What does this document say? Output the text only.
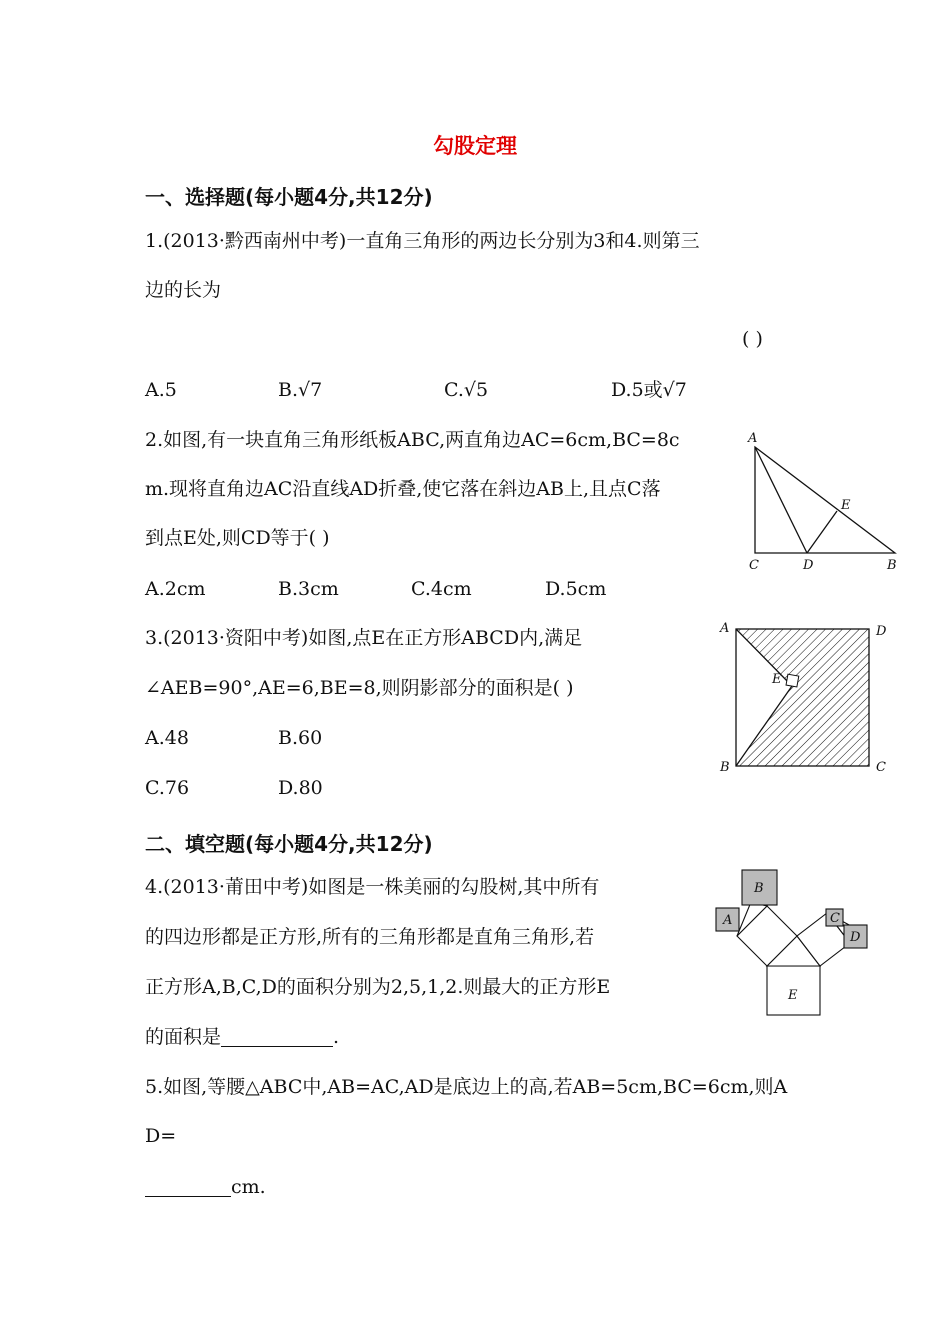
勾股定理
一、选择题(每小题4分,共12分)
1.(2013·黔西南州中考)一直角三角形的两边长分别为3和4.则第三
边的长为
( )
A.5	B.√7	C.√5	D.5或√7
2.如图,有一块直角三角形纸板ABC,两直角边AC=6cm,BC=8c
m.现将直角边AC沿直线AD折叠,使它落在斜边AB上,且点C落
到点E处,则CD等于( )
A.2cm	B.3cm	C.4cm	D.5cm
A
C	D	B
E
3.(2013·资阳中考)如图,点E在正方形ABCD内,满足
∠AEB=90°,AE=6,BE=8,则阴影部分的面积是( )
A.48	B.60
C.76	D.80
A	D
E
B	C
二、填空题(每小题4分,共12分)
4.(2013·莆田中考)如图是一株美丽的勾股树,其中所有
的四边形都是正方形,所有的三角形都是直角三角形,若
正方形A,B,C,D的面积分别为2,5,1,2.则最大的正方形E
的面积是	.
A
B
C
D
E
5.如图,等腰△ABC中,AB=AC,AD是底边上的高,若AB=5cm,BC=6cm,则A
D=
cm.
